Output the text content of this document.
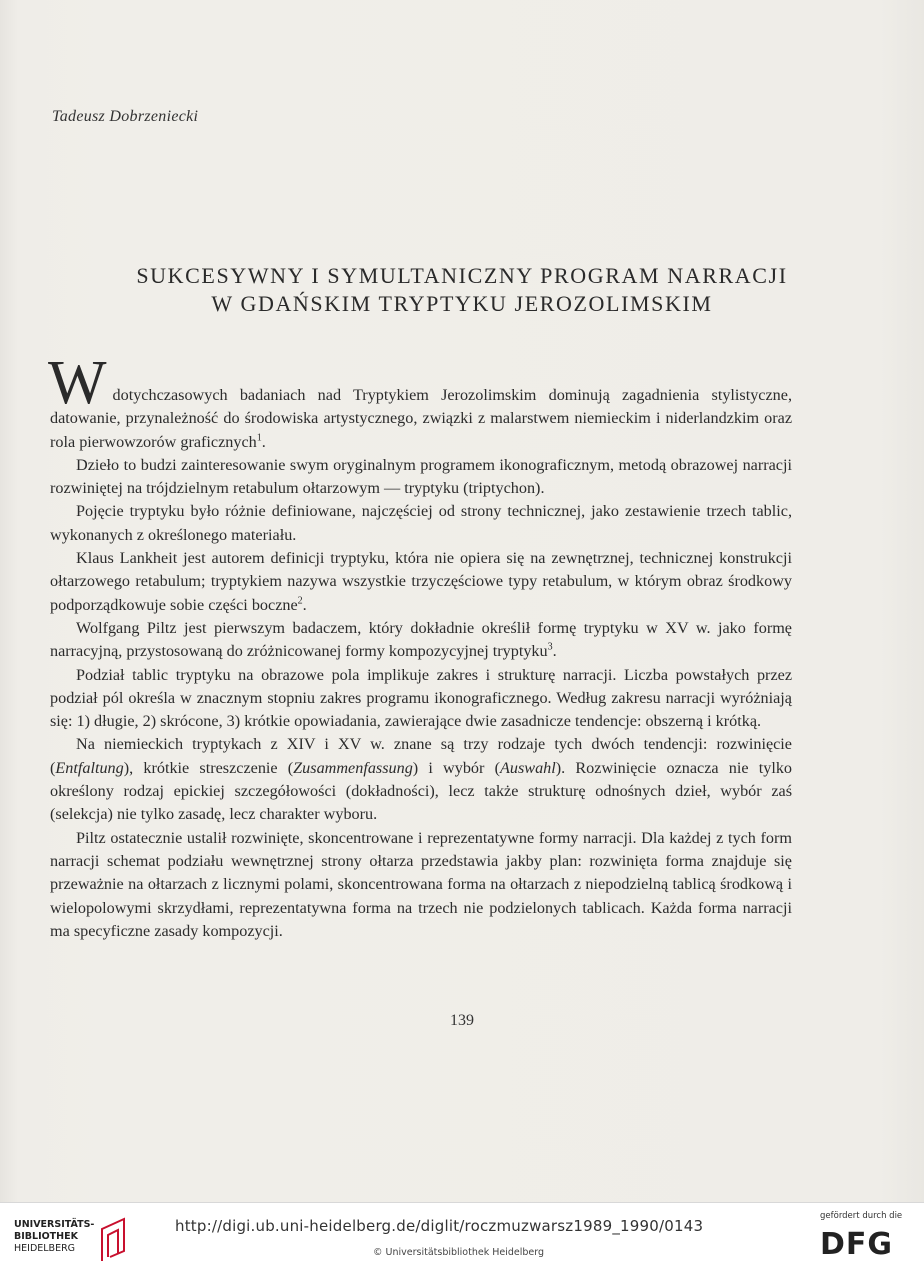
Tadeusz Dobrzeniecki
SUKCESYWNY I SYMULTANICZNY PROGRAM NARRACJI
W GDAŃSKIM TRYPTYKU JEROZOLIMSKIM

Wdotychczasowych badaniach nad Tryptykiem Jerozolimskim dominują zagadnienia stylistyczne, datowanie, przynależność do środowiska artystycznego, związki z malarstwem niemieckim i niderlandzkim oraz rola pierwowzorów graficznych$^1$.

Dzieło to budzi zainteresowanie swym oryginalnym programem ikonograficznym, metodą obrazowej narracji rozwiniętej na trójdzielnym retabulum ołtarzowym — tryptyku (triptychon).

Pojęcie tryptyku było różnie definiowane, najczęściej od strony technicznej, jako zestawienie trzech tablic, wykonanych z określonego materiału.

Klaus Lankheit jest autorem definicji tryptyku, która nie opiera się na zewnętrznej, technicznej konstrukcji ołtarzowego retabulum; tryptykiem nazywa wszystkie trzyczęściowe typy retabulum, w którym obraz środkowy podporządkowuje sobie części boczne$^2$.

Wolfgang Piltz jest pierwszym badaczem, który dokładnie określił formę tryptyku w XV w. jako formę narracyjną, przystosowaną do zróżnicowanej formy kompozycyjnej tryptyku$^3$.

Podział tablic tryptyku na obrazowe pola implikuje zakres i strukturę narracji. Liczba powstałych przez podział pól określa w znacznym stopniu zakres programu ikonograficznego. Według zakresu narracji wyróżniają się: 1) długie, 2) skrócone, 3) krótkie opowiadania, zawierające dwie zasadnicze tendencje: obszerną i krótką.

Na niemieckich tryptykach z XIV i XV w. znane są trzy rodzaje tych dwóch tendencji: rozwinięcie (Entfaltung), krótkie streszczenie (Zusammenfassung) i wybór (Auswahl). Rozwinięcie oznacza nie tylko określony rodzaj epickiej szczegółowości (dokładności), lecz także strukturę odnośnych dzieł, wybór zaś (selekcja) nie tylko zasadę, lecz charakter wyboru.

Piltz ostatecznie ustalił rozwinięte, skoncentrowane i reprezentatywne formy narracji. Dla każdej z tych form narracji schemat podziału wewnętrznej strony ołtarza przedstawia jakby plan: rozwinięta forma znajduje się przeważnie na ołtarzach z licznymi polami, skoncentrowana forma na ołtarzach z niepodzielną tablicą środkową i wielopolowymi skrzydłami, reprezentatywna forma na trzech nie podzielonych tablicach. Każda forma narracji ma specyficzne zasady kompozycji.

139
UNIVERSITÄTS-
BIBLIOTHEK
HEIDELBERG
http://digi.ub.uni-heidelberg.de/diglit/roczmuzwarsz1989_1990/0143
© Universitätsbibliothek Heidelberg
gefördert durch die
DFG
